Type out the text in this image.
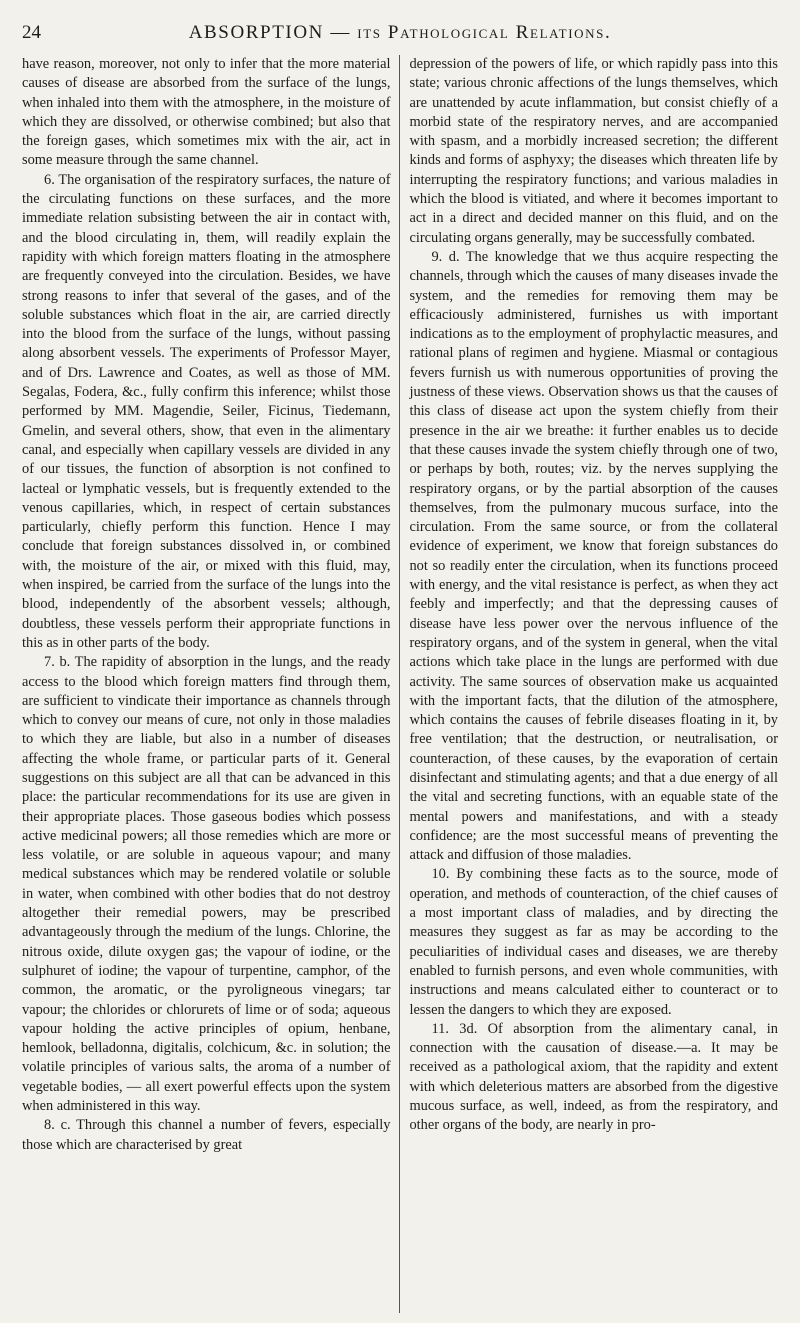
24	ABSORPTION — its Pathological Relations.

have reason, moreover, not only to infer that the more material causes of disease are absorbed from the surface of the lungs, when inhaled into them with the atmosphere, in the moisture of which they are dissolved, or otherwise combined; but also that the foreign gases, which sometimes mix with the air, act in some measure through the same channel.

6. The organisation of the respiratory surfaces, the nature of the circulating functions on these surfaces, and the more immediate relation subsisting between the air in contact with, and the blood circulating in, them, will readily explain the rapidity with which foreign matters floating in the atmosphere are frequently conveyed into the circulation. Besides, we have strong reasons to infer that several of the gases, and of the soluble substances which float in the air, are carried directly into the blood from the surface of the lungs, without passing along absorbent vessels. The experiments of Professor Mayer, and of Drs. Lawrence and Coates, as well as those of MM. Segalas, Fodera, &c., fully confirm this inference; whilst those performed by MM. Magendie, Seiler, Ficinus, Tiedemann, Gmelin, and several others, show, that even in the alimentary canal, and especially when capillary vessels are divided in any of our tissues, the function of absorption is not confined to lacteal or lymphatic vessels, but is frequently extended to the venous capillaries, which, in respect of certain substances particularly, chiefly perform this function. Hence I may conclude that foreign substances dissolved in, or combined with, the moisture of the air, or mixed with this fluid, may, when inspired, be carried from the surface of the lungs into the blood, independently of the absorbent vessels; although, doubtless, these vessels perform their appropriate functions in this as in other parts of the body.

7. b. The rapidity of absorption in the lungs, and the ready access to the blood which foreign matters find through them, are sufficient to vindicate their importance as channels through which to convey our means of cure, not only in those maladies to which they are liable, but also in a number of diseases affecting the whole frame, or particular parts of it. General suggestions on this subject are all that can be advanced in this place: the particular recommendations for its use are given in their appropriate places. Those gaseous bodies which possess active medicinal powers; all those remedies which are more or less volatile, or are soluble in aqueous vapour; and many medical substances which may be rendered volatile or soluble in water, when combined with other bodies that do not destroy altogether their remedial powers, may be prescribed advantageously through the medium of the lungs. Chlorine, the nitrous oxide, dilute oxygen gas; the vapour of iodine, or the sulphuret of iodine; the vapour of turpentine, camphor, of the common, the aromatic, or the pyroligneous vinegars; tar vapour; the chlorides or chlorurets of lime or of soda; aqueous vapour holding the active principles of opium, henbane, hemlook, belladonna, digitalis, colchicum, &c. in solution; the volatile principles of various salts, the aroma of a number of vegetable bodies, — all exert powerful effects upon the system when administered in this way.

8. c. Through this channel a number of fevers, especially those which are characterised by great

depression of the powers of life, or which rapidly pass into this state; various chronic affections of the lungs themselves, which are unattended by acute inflammation, but consist chiefly of a morbid state of the respiratory nerves, and are accompanied with spasm, and a morbidly increased secretion; the different kinds and forms of asphyxy; the diseases which threaten life by interrupting the respiratory functions; and various maladies in which the blood is vitiated, and where it becomes important to act in a direct and decided manner on this fluid, and on the circulating organs generally, may be successfully combated.

9. d. The knowledge that we thus acquire respecting the channels, through which the causes of many diseases invade the system, and the remedies for removing them may be efficaciously administered, furnishes us with important indications as to the employment of prophylactic measures, and rational plans of regimen and hygiene. Miasmal or contagious fevers furnish us with numerous opportunities of proving the justness of these views. Observation shows us that the causes of this class of disease act upon the system chiefly from their presence in the air we breathe: it further enables us to decide that these causes invade the system chiefly through one of two, or perhaps by both, routes; viz. by the nerves supplying the respiratory organs, or by the partial absorption of the causes themselves, from the pulmonary mucous surface, into the circulation. From the same source, or from the collateral evidence of experiment, we know that foreign substances do not so readily enter the circulation, when its functions proceed with energy, and the vital resistance is perfect, as when they act feebly and imperfectly; and that the depressing causes of disease have less power over the nervous influence of the respiratory organs, and of the system in general, when the vital actions which take place in the lungs are performed with due activity. The same sources of observation make us acquainted with the important facts, that the dilution of the atmosphere, which contains the causes of febrile diseases floating in it, by free ventilation; that the destruction, or neutralisation, or counteraction, of these causes, by the evaporation of certain disinfectant and stimulating agents; and that a due energy of all the vital and secreting functions, with an equable state of the mental powers and manifestations, and with a steady confidence; are the most successful means of preventing the attack and diffusion of those maladies.

10. By combining these facts as to the source, mode of operation, and methods of counteraction, of the chief causes of a most important class of maladies, and by directing the measures they suggest as far as may be according to the peculiarities of individual cases and diseases, we are thereby enabled to furnish persons, and even whole communities, with instructions and means calculated either to counteract or to lessen the dangers to which they are exposed.

11. 3d. Of absorption from the alimentary canal, in connection with the causation of disease.—a. It may be received as a pathological axiom, that the rapidity and extent with which deleterious matters are absorbed from the digestive mucous surface, as well, indeed, as from the respiratory, and other organs of the body, are nearly in pro-
